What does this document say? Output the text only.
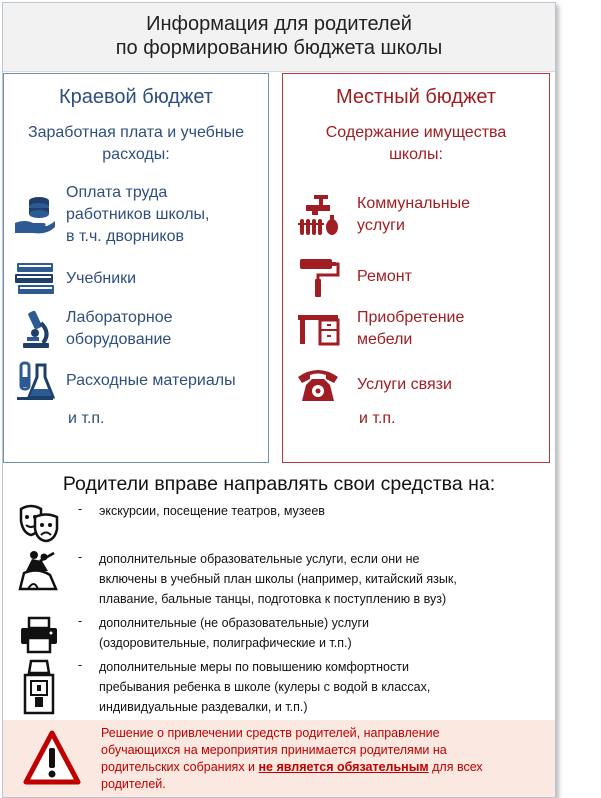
Информация для родителей
по формированию бюджета школы
Краевой бюджет
Заработная плата и учебные
расходы:
Оплата труда
работников школы,
в т.ч. дворников
Учебники
Лабораторное
оборудование
Расходные материалы
и т.п.
Местный бюджет
Содержание имущества
школы:
Коммунальные
услуги
Ремонт
Приобретение
мебели
Услуги связи
и т.п.
Родители вправе направлять свои средства на:
-	экскурсии, посещение театров, музеев
-	дополнительные образовательные услуги, если они не
включены в учебный план школы (например, китайский язык,
плавание, бальные танцы, подготовка к поступлению в вуз)
-	дополнительные (не образовательные) услуги
(оздоровительные, полиграфические и т.п.)
-	дополнительные меры по повышению комфортности
пребывания ребенка в школе (кулеры с водой в классах,
индивидуальные раздевалки, и т.п.)
Решение о привлечении средств родителей, направление
обучающихся на мероприятия принимается родителями на
родительских собраниях и не является обязательным для всех
родителей.
